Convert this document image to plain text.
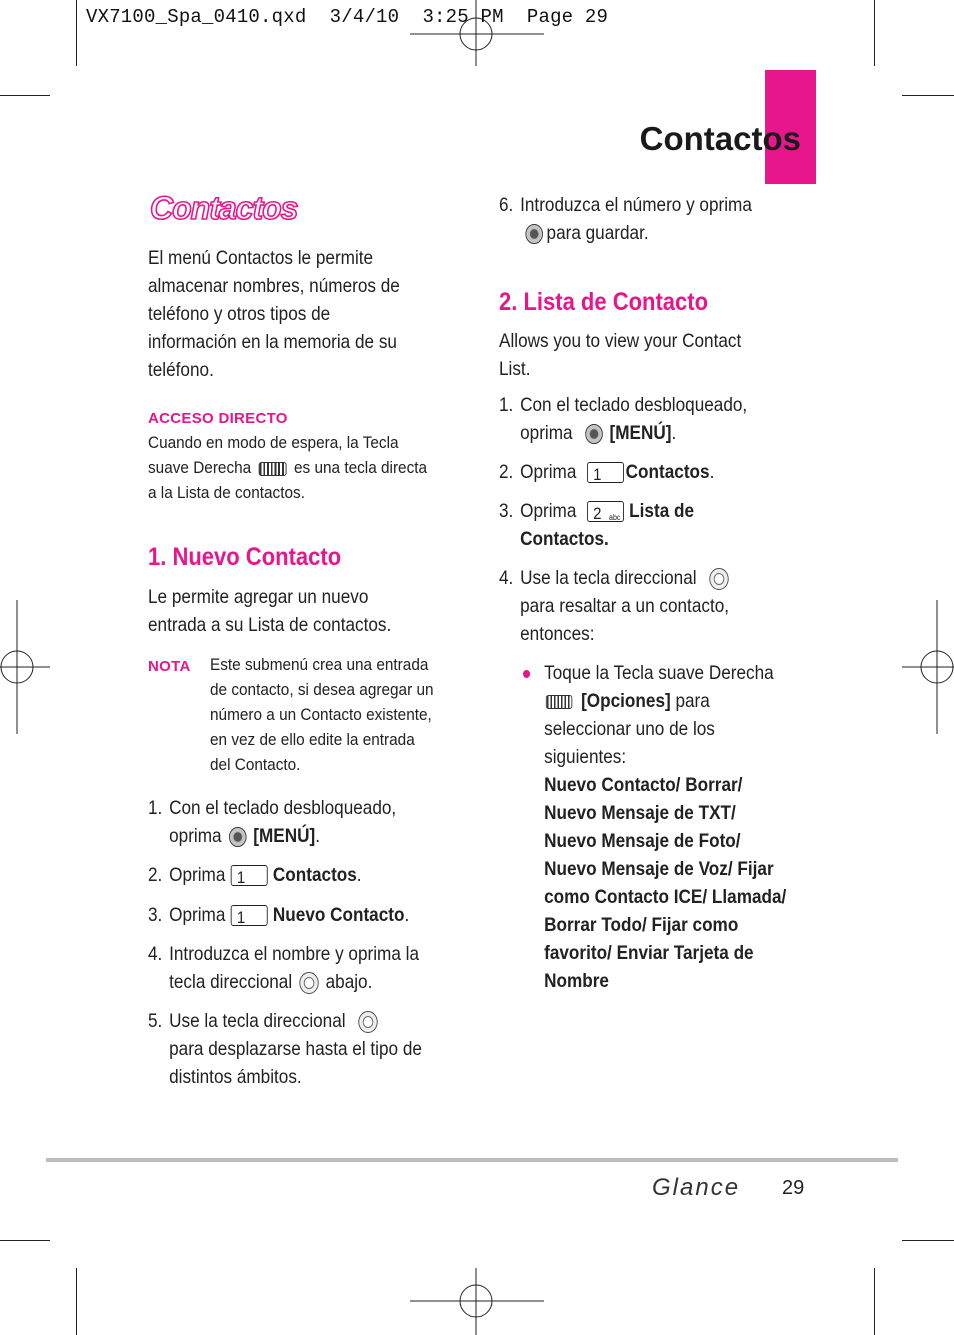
VX7100_Spa_0410.qxd  3/4/10  3:25 PM  Page 29
Contactos
Contactos
El menú Contactos le permite
almacenar nombres, números de
teléfono y otros tipos de
información en la memoria de su
teléfono.
ACCESO DIRECTO
Cuando en modo de espera, la Tecla
suave Derecha	es una tecla directa
a la Lista de contactos.
1. Nuevo Contacto
Le permite agregar un nuevo
entrada a su Lista de contactos.
NOTA Este submenú crea una entrada
de contacto, si desea agregar un
número a un Contacto existente,
en vez de ello edite la entrada
del Contacto.
1. Con el teclado desbloqueado,
oprima [MENÚ].
2. Oprima 1 Contactos.
3. Oprima 1 Nuevo Contacto.
4. Introduzca el nombre y oprima la
tecla direccional abajo.
5. Use la tecla direccional
para desplazarse hasta el tipo de
distintos ámbitos.
6. Introduzca el número y oprima
para guardar.
2. Lista de Contacto
Allows you to view your Contact
List.
1. Con el teclado desbloqueado,
oprima [MENÚ].
2. Oprima 1 Contactos.
3. Oprima 2 abc Lista de
Contactos.
4. Use la tecla direccional
para resaltar a un contacto,
entonces:
Toque la Tecla suave Derecha
[Opciones] para
seleccionar uno de los
siguientes:
Nuevo Contacto/ Borrar/
Nuevo Mensaje de TXT/
Nuevo Mensaje de Foto/
Nuevo Mensaje de Voz/ Fijar
como Contacto ICE/ Llamada/
Borrar Todo/ Fijar como
favorito/ Enviar Tarjeta de
Nombre
Glance 29
